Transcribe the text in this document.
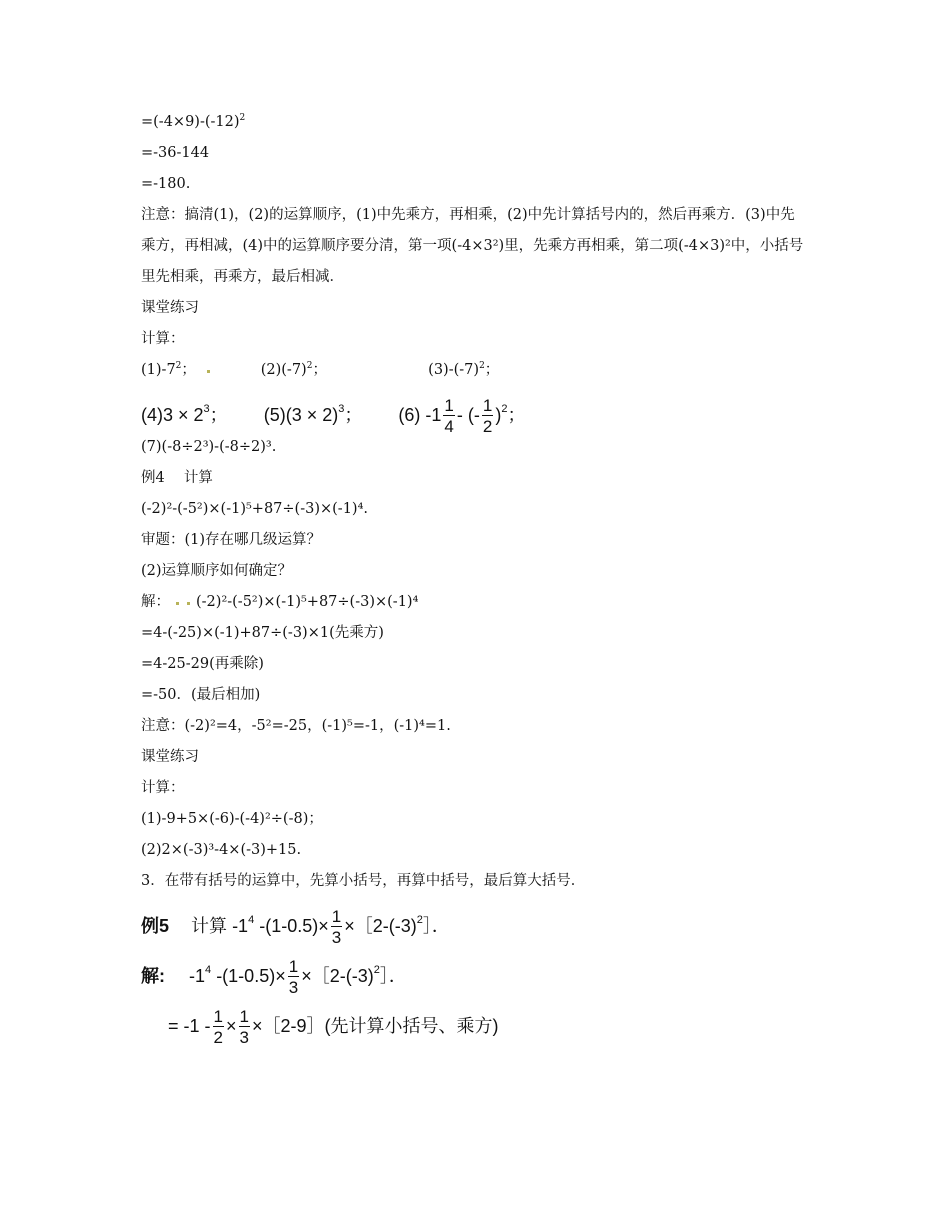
$=(-4\times 9)-(-12)^2$
=-36-144
=-180.
注意：搞清(1)，(2)的运算顺序，(1)中先乘方，再相乘，(2)中先计算括号内的，然后再乘方．(3)中先乘方，再相减，(4)中的运算顺序要分清，第一项(-4×3²)里，先乘方再相乘，第二项(-4×3)²中，小括号里先相乘，再乘方，最后相减．
课堂练习
计算：
$(1)-7^2$；	$(2)(-7)^2$；	$(3)-(-7)^2$；
$(4)3 \times 2^3$； $(5)(3 \times 2)^3$； (6) $-1 \frac{1}{4}$ - (- $\frac{1}{2} )^2$；
(7)(-8÷2³)-(-8÷2)³.
例4　 计算
(-2)²-(-5²)×(-1)⁵+87÷(-3)×(-1)⁴.
审题：(1)存在哪几级运算？
(2)运算顺序如何确定？
解： (-2)²-(-5²)×(-1)⁵+87÷(-3)×(-1)⁴
=4-(-25)×(-1)+87÷(-3)×1(先乘方)
=4-25-29(再乘除)
=-50．(最后相加)
注意：(-2)²=4，-5²=-25，(-1)⁵=-1，(-1)⁴=1.
课堂练习
计算：
(1)-9+5×(-6)-(-4)²÷(-8)；
(2)2×(-3)³-4×(-3)+15.
3．在带有括号的运算中，先算小括号，再算中括号，最后算大括号．
例5 计算 $-1^4$ $-(1-0.5)\times \frac{1}{3}$ $\times[2-(-3)^2]$．
解: $-1^4$ $-(1-0.5)\times \frac{1}{3}$ $\times[2-(-3)^2]$．
= $-1 - \frac{1}{2} \times \frac{1}{3}$ ×［2-9］(先计算小括号、乘方)
